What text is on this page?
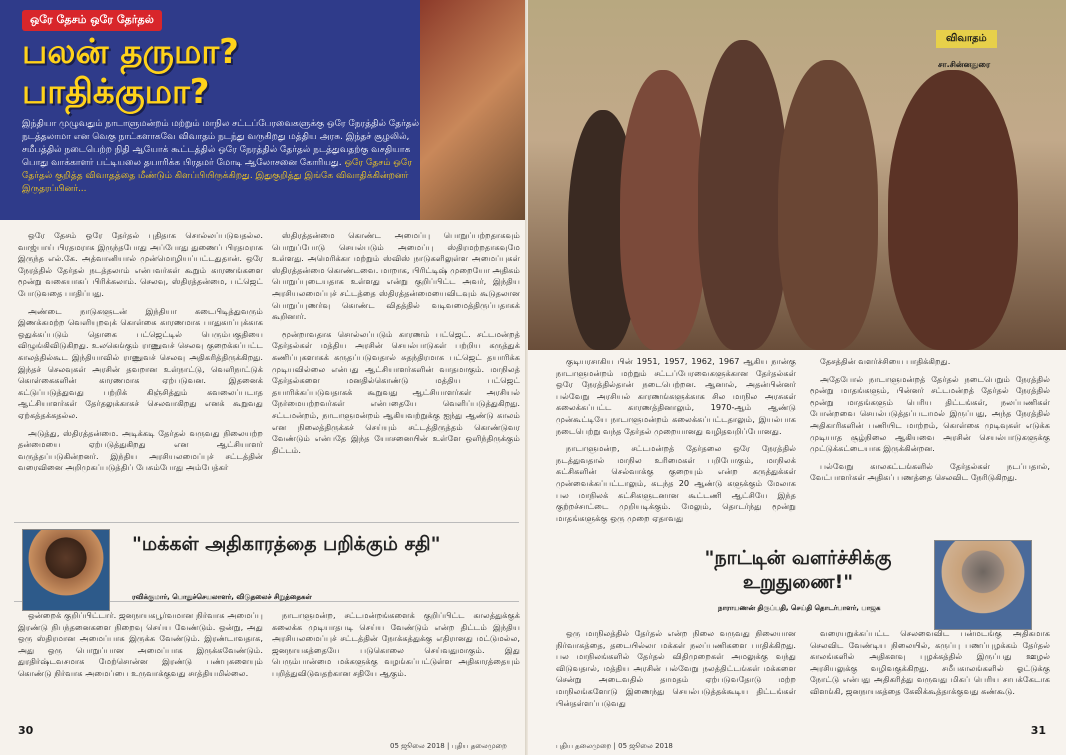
ஒரே தேசம் ஒரே தேர்தல்
பலன் தருமா?
பாதிக்குமா?
இந்தியா முழுவதும் நாடாளுமன்றம் மற்றும் மாநில சட்டப்பேரவைகளுக்கு ஒரே நேரத்தில் தேர்தல் நடத்தலாமா என வெகு நாட்களாகவே விவாதம் நடந்து வருகிறது மத்திய அரசு. இந்தச் சூழலில், சமீபத்தில் நடைபெற்ற நிதி ஆயோக் கூட்டத்தில் ஒரே நேரத்தில் தேர்தல் நடத்துவதற்கு வசதியாக பொது வாக்காளர் பட்டியலை தயாரிக்க பிரதமர் மோடி ஆலோசனை கோரியது. ஒரே தேசம் ஒரே தேர்தல் குறித்த விவாதத்தை மீண்டும் கிளப்பியிருக்கிறது. இதுகுறித்து இங்கே விவாதிக்கின்றனர் இருதரப்பினர்...

ஒரே தேசம் ஒரே தேர்தல் புதிதாக சொல்லப்படுவதல்ல. வாஜ்பாய் பிரதமராக இருந்தபோது அப்போது துணைப் பிரதமராக இருந்த எல்.கே. அத்வானியால் முன்மொழியப்பட்டதுதான். ஒரே நேரத்தில் தேர்தல் நடத்தலாம் என்பவர்கள் கூறும் காரணங்களை மூன்று வகையாகப் பிரிக்கலாம். செலவு, ஸ்திரத்தன்மை, பட்ஜெட் போடுவதை பாதிப்பது.

அண்டை நாடுகளுடன் இந்தியா கடைபிடித்துவரும் இணக்கமற்ற வெளியுறவுக் கொள்கை காரணமாக பாதுகாப்புக்காக ஒதுக்கப்படும் தொகை பட்ஜெட்டில் பெரும்பகுதியை விழுங்கிவிடுகிறது. உலகெங்கும் ராணுவச் செலவு குறைக்கப்பட்ட காலத்தில்கூட இந்தியாவில் ராணுவச் செலவு அதிகரித்திருக்கிறது. இந்தச் செலவுகள் அரசின் தவறான உள்நாட்டு, வெளிநாட்டுக் கொள்கைகளின் காரணமாக ஏற்படுவன. இதனைக் கட்டுப்படுத்துவது பற்றிக் கிஞ்சித்தும் கவலைப்படாத ஆட்சியாளர்கள் தேர்தலுக்காகச் செலவாகிறது எனக் கூறுவது ஏற்கத்தக்கதல்ல.

அடுத்து, ஸ்திரத்தன்மை. அடிக்கடி தேர்தல் வருவது நிலையற்ற தன்மையை ஏற்படுத்துகிறது என ஆட்சியாளர் வருத்தப்படுகின்றனர். இந்திய அரசியலமைப்புச் சட்டத்தின் வரைவினை அறிமுகப்படுத்திப் பேசும்போது அம்பேத்கர்

ஸ்திரத்தன்மை கொண்ட அமைப்பு பொறுப்பற்றதாகவும் பொறுப்போடு செயல்படும் அமைப்பு ஸ்திரமற்றதாகவுமே உள்ளது. அமெரிக்கா மற்றும் ஸ்விஸ் நாடுகளிலுள்ள அமைப்புகள் ஸ்திரத்தன்மை கொண்டவை. மாறாக, பிரிட்டிஷ் முறையோ அதிகம் பொறுப்புடையதாக உள்ளது என்று குறிப்பிட்ட அவர், இந்திய அரசியலமைப்புச் சட்டத்தை ஸ்திரத்தன்மையைவிடவும் கூடுதலான பொறுப்புணர்வு கொண்ட விதத்தில் வடிவமைத்திருப்பதாகக் கூறினார்.

மூன்றாவதாக சொல்லப்படும் காரணம் பட்ஜெட். சட்டமன்றத் தேர்தல்கள் மத்திய அரசின் செயல்பாடுகள் பற்றிய கருத்துக் கணிப்புகளாகக் கருதப்படுவதால் சுதந்திரமாக பட்ஜெட் தயாரிக்க முடியவில்லை என்பது ஆட்சியாளர்களின் வாதமாகும். மாநிலத் தேர்தல்களை மனதில்கொண்டு மத்திய பட்ஜெட் தயாரிக்கப்படுவதாகக் கூறுவது ஆட்சியாளர்கள் அரசியல் நேர்மையற்றவர்கள் என்பதையே வெளிப்படுத்துகிறது. சட்டமன்றம், நாடாளுமன்றம் ஆகியவற்றுக்கு ஐந்து ஆண்டு காலம் என நிலைத்திருக்கச் செய்யும் சட்டத்திருத்தம் கொண்டுவர வேண்டும் என்பதே இந்த யோசனையின் உள்ளே ஒளிந்திருக்கும் திட்டம்.

"மக்கள் அதிகாரத்தை பறிக்கும் சதி"
ரவிக்குமார், பொதுச்செயலாளர், விடுதலைச் சிறுத்தைகள்

ஒன்றைக் குறிப்பிட்டார். ஜனநாயகபூர்வமான நிர்வாக அமைப்பு இரண்டு நிபந்தனைகளை நிறைவு செய்ய வேண்டும். ஒன்று, அது ஒரு ஸ்திரமான அமைப்பாக இருக்க வேண்டும். இரண்டாவதாக, அது ஒரு பொறுப்பான அமைப்பாக இருக்கவேண்டும். துரதிர்ஷ்டவசமாக மேற்சொன்ன இரண்டு பண்புகளையும் கொண்டு நிர்வாக அமைப்பை உருவாக்குவது சாத்தியமில்லை.

நாடாளுமன்ற, சட்டமன்றங்களைக் குறிப்பிட்ட காலத்துக்குக் கலைக்க முடியாதபடி செய்ய வேண்டும் என்ற திட்டம் இந்திய அரசியலமைப்புச் சட்டத்தின் நோக்கத்துக்கு எதிரானது மட்டுமல்ல, ஜனநாயகத்தையே படுகொலை செய்வதுமாகும். இது பெரும்பான்மை மக்களுக்கு வழங்கப்பட்டுள்ள அதிகாரத்தையும் பறித்துவிடுவதற்கான சதியே ஆகும்.

30
05 ஜூலை 2018 | புதிய தலைமுறை
விவாதம்
சா.சின்னதுரை

குடியரசாகிய பின் 1951, 1957, 1962, 1967 ஆகிய நான்கு நாடாளுமன்றம் மற்றும் சட்டப்பேரவைகளுக்கான தேர்தல்கள் ஒரே நேரத்தில்தான் நடைபெற்றன. ஆனால், அதன்பின்னர் பல்வேறு அரசியல் காரணங்களுக்காக சில மாநில அரசுகள் கலைக்கப்பட்ட காரணத்தினாலும், 1970-ஆம் ஆண்டு முன்கூட்டியே நாடாளுமன்றம் கலைக்கப்பட்டதாலும், இயல்பாக நடைபெற்று வந்த தேர்தல் முறையானது வழிதவறிப்போனது.

நாடாளுமன்ற, சட்டமன்றத் தேர்தலை ஒரே நேரத்தில் நடத்துவதால் மாநில உரிமைகள் பறிபோகும், மாநிலக் கட்சிகளின் செல்வாக்கு குறையும் என்ற கருத்துக்கள் முன்வைக்கப்பட்டாலும், கடந்த 20 ஆண்டு களுக்கும் மேலாக பல மாநிலக் கட்சிகளுடனான கூட்டணி ஆட்சியே இந்த குற்றச்சாட்டை முறியடிக்கும். மேலும், தொடர்ந்து மூன்று மாதங்களுக்கு ஒரு முறை ஏதாவது

தேசத்தின் வளர்ச்சியை பாதிக்கிறது.

அதேபோல் நாடாளுமன்றத் தேர்தல் நடைபெறும் நேரத்தில் மூன்று மாதங்களும், பின்னர் சட்டமன்றத் தேர்தல் நேரத்தில் மூன்று மாதங்களும் பெரிய திட்டங்கள், நலப்பணிகள் போன்றவை செயல்படுத்தப்படாமல் இருப்பது, அந்த நேரத்தில் அதிகாரிகளின் பணியிட மாற்றம், கொள்கை முடிவுகள் எடுக்க முடியாத சூழ்நிலை ஆகியவை அரசின் செயல்பாடுகளுக்கு முட்டுக்கட்டையாக இருக்கின்றன.

பல்வேறு காலகட்டங்களில் தேர்தல்கள் நடப்பதால், வேட்பாளர்கள் அதிகப் பணத்தை செலவிட நேரிடுகிறது.

"நாட்டின் வளர்ச்சிக்கு உறுதுணை!"
நாராயணன் திருப்பதி, செய்தி தொடர்பாளர், பாஜக

ஒரு மாநிலத்தில் தேர்தல் என்ற நிலை வருவது நிலையான நிர்வாகத்தை, தடையில்லா மக்கள் நலப்பணிகளை பாதிக்கிறது. பல மாநிலங்களில் தேர்தல் விதிமுறைகள் அமலுக்கு வந்து விடுவதால், மத்திய அரசின் பல்வேறு நலத்திட்டங்கள் மக்களை சென்று அடைவதில் தாமதம் ஏற்படுவதோடு மற்ற மாநிலங்களோடு இணைந்து செயல்படுத்தக்கூடிய திட்டங்கள் பின்தள்ளப்படுவது

வரையறுக்கப்பட்ட செலவைவிட பன்மடங்கு அதிகமாக செலவிட வேண்டிய நிலையில், கருப்பு பணப்புழக்கம் தேர்தல் காலங்களில் அதிகளவு புழக்கத்தில் இருப்பது ஊழல் அரசியலுக்கு வழிவகுக்கிறது. சமீபகாலங்களில் ஓட்டுக்கு நோட்டு என்பது அதிகரித்து வருவது மிகப் பெரிய சாபக்கேடாக விளங்கி, ஜனநாயகத்தை கேலிக்கூத்தாக்குவது கண்கூடு.

31
புதிய தலைமுறை | 05 ஜூலை 2018
